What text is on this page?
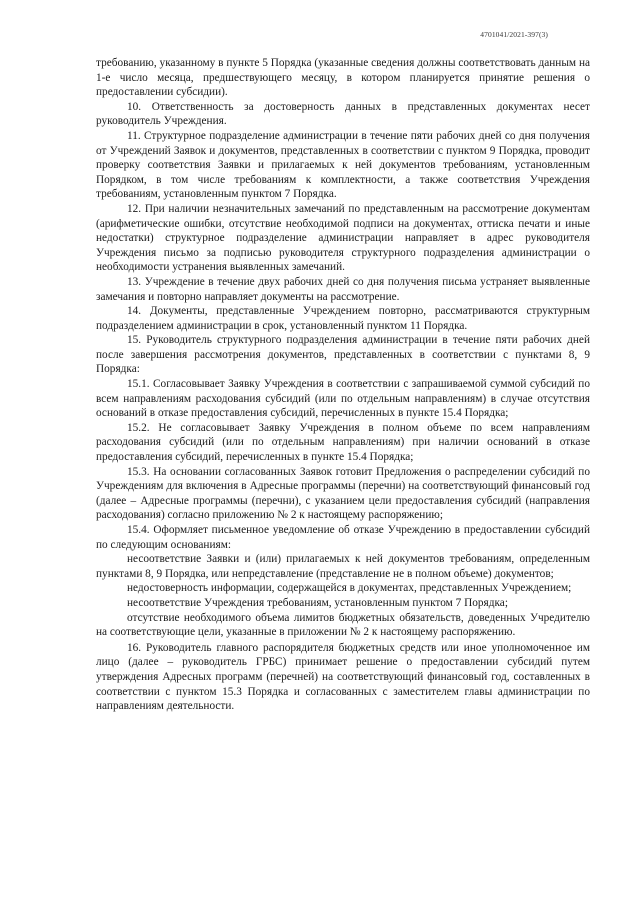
4701041/2021-397(3)

требованию, указанному в пункте 5 Порядка (указанные сведения должны соответствовать данным на 1-е число месяца, предшествующего месяцу, в котором планируется принятие решения о предоставлении субсидии).

10. Ответственность за достоверность данных в представленных документах несет руководитель Учреждения.

11. Структурное подразделение администрации в течение пяти рабочих дней со дня получения от Учреждений Заявок и документов, представленных в соответствии с пунктом 9 Порядка, проводит проверку соответствия Заявки и прилагаемых к ней документов требованиям, установленным Порядком, в том числе требованиям к комплектности, а также соответствия Учреждения требованиям, установленным пунктом 7 Порядка.

12. При наличии незначительных замечаний по представленным на рассмотрение документам (арифметические ошибки, отсутствие необходимой подписи на документах, оттиска печати и иные недостатки) структурное подразделение администрации направляет в адрес руководителя Учреждения письмо за подписью руководителя структурного подразделения администрации о необходимости устранения выявленных замечаний.

13. Учреждение в течение двух рабочих дней со дня получения письма устраняет выявленные замечания и повторно направляет документы на рассмотрение.

14. Документы, представленные Учреждением повторно, рассматриваются структурным подразделением администрации в срок, установленный пунктом 11 Порядка.

15. Руководитель структурного подразделения администрации в течение пяти рабочих дней после завершения рассмотрения документов, представленных в соответствии с пунктами 8, 9 Порядка:

15.1. Согласовывает Заявку Учреждения в соответствии с запрашиваемой суммой субсидий по всем направлениям расходования субсидий (или по отдельным направлениям) в случае отсутствия оснований в отказе предоставления субсидий, перечисленных в пункте 15.4 Порядка;

15.2. Не согласовывает Заявку Учреждения в полном объеме по всем направлениям расходования субсидий (или по отдельным направлениям) при наличии оснований в отказе предоставления субсидий, перечисленных в пункте 15.4 Порядка;

15.3. На основании согласованных Заявок готовит Предложения о распределении субсидий по Учреждениям для включения в Адресные программы (перечни) на соответствующий финансовый год (далее – Адресные программы (перечни), с указанием цели предоставления субсидий (направления расходования) согласно приложению № 2 к настоящему распоряжению;

15.4. Оформляет письменное уведомление об отказе Учреждению в предоставлении субсидий по следующим основаниям:

несоответствие Заявки и (или) прилагаемых к ней документов требованиям, определенным пунктами 8, 9 Порядка, или непредставление (представление не в полном объеме) документов;

недостоверность информации, содержащейся в документах, представленных Учреждением;

несоответствие Учреждения требованиям, установленным пунктом 7 Порядка;

отсутствие необходимого объема лимитов бюджетных обязательств, доведенных Учредителю на соответствующие цели, указанные в приложении № 2 к настоящему распоряжению.

16. Руководитель главного распорядителя бюджетных средств или иное уполномоченное им лицо (далее – руководитель ГРБС) принимает решение о предоставлении субсидий путем утверждения Адресных программ (перечней) на соответствующий финансовый год, составленных в соответствии с пунктом 15.3 Порядка и согласованных с заместителем главы администрации по направлениям деятельности.
